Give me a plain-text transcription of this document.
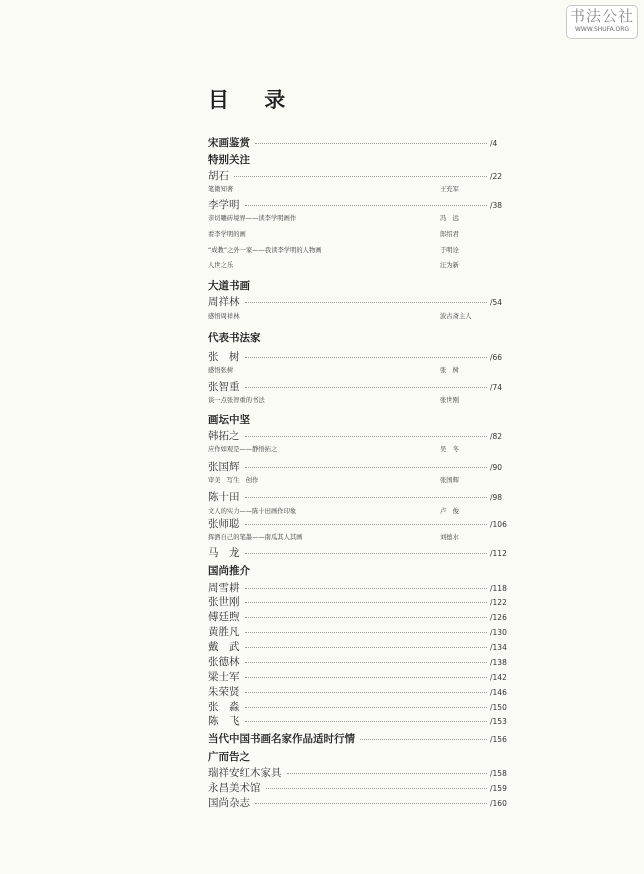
书法公社
WWW.SHUFA.ORG
目 录
宋画鉴赏	/4
特别关注
胡石	/22
笔微知著	王充军
李学明	/38
亲切雕砖境界——读李学明画作	冯　远
看李学明的画	郎绍君
“成教”之外一家——我读李学明的人物画	于明诠
人世之乐	汪为新
大道书画
周祥林	/54
感悟周祥林	波古斋主人
代表书法家
张　树	/66
感悟张树	张　树
张智重	/74
谈一点张智重的书法	张世刚
画坛中坚
韩拓之	/82
应作如观是——静悟拓之	吴　冬
张国辉	/90
审美　写生　创作	张国辉
陈十田	/98
文人的实力——陈十田画作印象	卢　俊
张师聪	/106
挥洒自己的笔墨——南瓜其人其画	刘德水
马　龙	/112
国尚推介
周雪耕	/118
张世刚	/122
傅廷煦	/126
黄胜凡	/130
戴　武	/134
张德林	/138
梁士军	/142
朱荣贤	/146
张　淼	/150
陈　飞	/153
当代中国书画名家作品适时行情	/156
广而告之
瑞祥安红木家具	/158
永昌美术馆	/159
国尚杂志	/160
